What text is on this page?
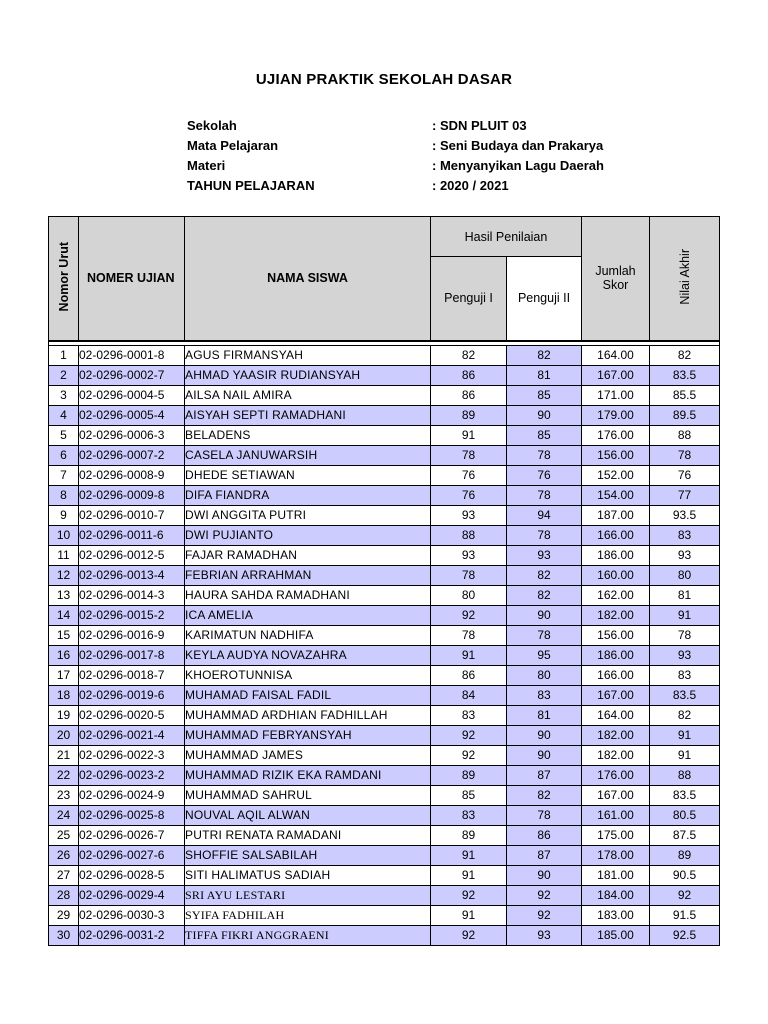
UJIAN PRAKTIK SEKOLAH DASAR
Sekolah	: SDN PLUIT 03
Mata Pelajaran	: Seni Budaya dan Prakarya
Materi	: Menyanyikan Lagu Daerah
TAHUN PELAJARAN	: 2020 / 2021
Nomor Urut	NOMER UJIAN	NAMA SISWA	Hasil Penilaian		Jumlah Skor	Nilai Akhir
			Penguji I	Penguji II		

1	02-0296-0001-8	AGUS FIRMANSYAH	82	82	164.00	82
2	02-0296-0002-7	AHMAD YAASIR RUDIANSYAH	86	81	167.00	83.5
3	02-0296-0004-5	AILSA NAIL AMIRA	86	85	171.00	85.5
4	02-0296-0005-4	AISYAH SEPTI RAMADHANI	89	90	179.00	89.5
5	02-0296-0006-3	BELADENS	91	85	176.00	88
6	02-0296-0007-2	CASELA JANUWARSIH	78	78	156.00	78
7	02-0296-0008-9	DHEDE SETIAWAN	76	76	152.00	76
8	02-0296-0009-8	DIFA FIANDRA	76	78	154.00	77
9	02-0296-0010-7	DWI ANGGITA PUTRI	93	94	187.00	93.5
10	02-0296-0011-6	DWI PUJIANTO	88	78	166.00	83
11	02-0296-0012-5	FAJAR RAMADHAN	93	93	186.00	93
12	02-0296-0013-4	FEBRIAN ARRAHMAN	78	82	160.00	80
13	02-0296-0014-3	HAURA SAHDA RAMADHANI	80	82	162.00	81
14	02-0296-0015-2	ICA AMELIA	92	90	182.00	91
15	02-0296-0016-9	KARIMATUN NADHIFA	78	78	156.00	78
16	02-0296-0017-8	KEYLA AUDYA NOVAZAHRA	91	95	186.00	93
17	02-0296-0018-7	KHOEROTUNNISA	86	80	166.00	83
18	02-0296-0019-6	MUHAMAD FAISAL FADIL	84	83	167.00	83.5
19	02-0296-0020-5	MUHAMMAD ARDHIAN FADHILLAH	83	81	164.00	82
20	02-0296-0021-4	MUHAMMAD FEBRYANSYAH	92	90	182.00	91
21	02-0296-0022-3	MUHAMMAD JAMES	92	90	182.00	91
22	02-0296-0023-2	MUHAMMAD RIZIK EKA RAMDANI	89	87	176.00	88
23	02-0296-0024-9	MUHAMMAD SAHRUL	85	82	167.00	83.5
24	02-0296-0025-8	NOUVAL AQIL ALWAN	83	78	161.00	80.5
25	02-0296-0026-7	PUTRI RENATA RAMADANI	89	86	175.00	87.5
26	02-0296-0027-6	SHOFFIE SALSABILAH	91	87	178.00	89
27	02-0296-0028-5	SITI HALIMATUS SADIAH	91	90	181.00	90.5
28	02-0296-0029-4	SRI AYU LESTARI	92	92	184.00	92
29	02-0296-0030-3	SYIFA FADHILAH	91	92	183.00	91.5
30	02-0296-0031-2	TIFFA FIKRI ANGGRAENI	92	93	185.00	92.5
